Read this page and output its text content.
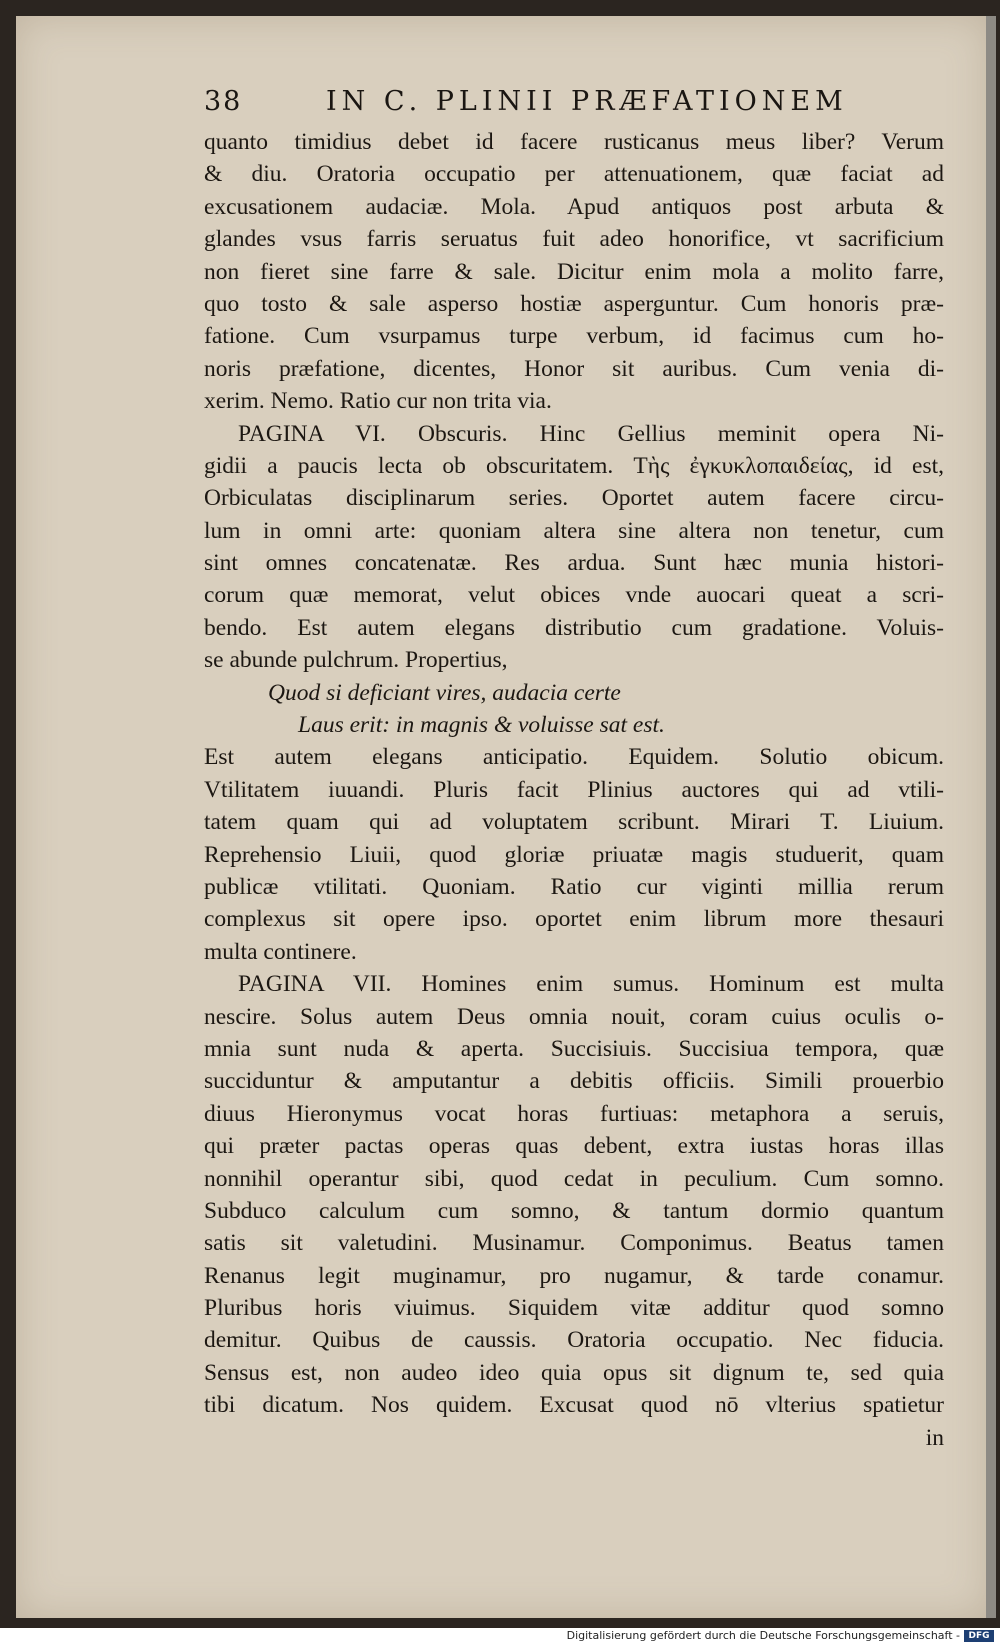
38	IN C. PLINII PRÆFATIONEM
quanto timidius debet id facere rusticanus meus liber? Verum
& diu. Oratoria occupatio per attenuationem, quæ faciat ad
excusationem audaciæ. Mola. Apud antiquos post arbuta &
glandes vsus farris seruatus fuit adeo honorifice, vt sacrificium
non fieret sine farre & sale. Dicitur enim mola a molito farre,
quo tosto & sale asperso hostiæ asperguntur. Cum honoris præ-
fatione. Cum vsurpamus turpe verbum, id facimus cum ho-
noris præfatione, dicentes, Honor sit auribus. Cum venia di-
xerim. Nemo. Ratio cur non trita via.
PAGINA VI. Obscuris. Hinc Gellius meminit opera Ni-
gidii a paucis lecta ob obscuritatem. Τὴς ἐγκυκλοπαιδείας, id est,
Orbiculatas disciplinarum series. Oportet autem facere circu-
lum in omni arte: quoniam altera sine altera non tenetur, cum
sint omnes concatenatæ. Res ardua. Sunt hæc munia histori-
corum quæ memorat, velut obices vnde auocari queat a scri-
bendo. Est autem elegans distributio cum gradatione. Voluis-
se abunde pulchrum. Propertius,
Quod si deficiant vires, audacia certe
Laus erit: in magnis & voluisse sat est.
Est autem elegans anticipatio. Equidem. Solutio obicum.
Vtilitatem iuuandi. Pluris facit Plinius auctores qui ad vtili-
tatem quam qui ad voluptatem scribunt. Mirari T. Liuium.
Reprehensio Liuii, quod gloriæ priuatæ magis studuerit, quam
publicæ vtilitati. Quoniam. Ratio cur viginti millia rerum
complexus sit opere ipso. oportet enim librum more thesauri
multa continere.
PAGINA VII. Homines enim sumus. Hominum est multa
nescire. Solus autem Deus omnia nouit, coram cuius oculis o-
mnia sunt nuda & aperta. Succisiuis. Succisiua tempora, quæ
succiduntur & amputantur a debitis officiis. Simili prouerbio
diuus Hieronymus vocat horas furtiuas: metaphora a seruis,
qui præter pactas operas quas debent, extra iustas horas illas
nonnihil operantur sibi, quod cedat in peculium. Cum somno.
Subduco calculum cum somno, & tantum dormio quantum
satis sit valetudini. Musinamur. Componimus. Beatus tamen
Renanus legit muginamur, pro nugamur, & tarde conamur.
Pluribus horis viuimus. Siquidem vitæ additur quod somno
demitur. Quibus de caussis. Oratoria occupatio. Nec fiducia.
Sensus est, non audeo ideo quia opus sit dignum te, sed quia
tibi dicatum. Nos quidem. Excusat quod nō vlterius spatietur
in
Digitalisierung gefördert durch die Deutsche Forschungsgemeinschaft - DFG
